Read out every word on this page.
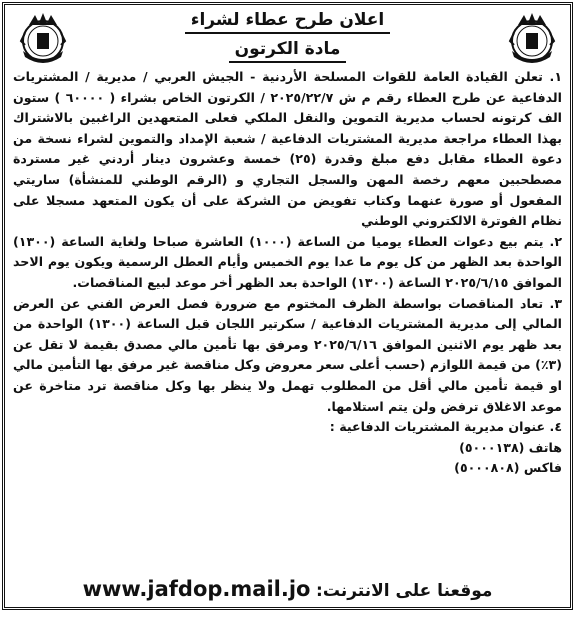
اعلان طرح عطاء لشراء
مادة الكرتون

١. تعلن القيادة العامة للقوات المسلحة الأردنية - الجيش العربي / مديرية / المشتريات الدفاعية عن طرح العطاء رقم م ش ٢٠٢٥/٢٢/٧ / الكرتون الخاص بشراء ( ٦٠٠٠٠ ) ستون الف كرتونه لحساب مديرية التموين والنقل الملكي فعلى المتعهدين الراغبين بالاشتراك بهذا العطاء مراجعة مديرية المشتريات الدفاعية / شعبة الإمداد والتموين لشراء نسخة من دعوة العطاء مقابل دفع مبلغ وقدرة (٢٥) خمسة وعشرون دينار أردني غير مستردة مصطحبين معهم رخصة المهن والسجل التجاري و (الرقم الوطني للمنشأة) ساريتي المفعول أو صورة عنهما وكتاب تفويض من الشركة على أن يكون المتعهد مسجلا على نظام الفوترة الالكتروني الوطني

٢. يتم بيع دعوات العطاء يوميا من الساعة (١٠٠٠) العاشرة صباحا ولغاية الساعة (١٣٠٠) الواحدة بعد الظهر من كل يوم ما عدا يوم الخميس وأيام العطل الرسمية ويكون يوم الاحد الموافق ٢٠٢٥/٦/١٥ الساعة (١٣٠٠) الواحدة بعد الظهر أخر موعد لبيع المناقصات.

٣. تعاد المناقصات بواسطة الظرف المختوم مع ضرورة فصل العرض الفني عن العرض المالي إلى مديرية المشتريات الدفاعية / سكرتير اللجان قبل الساعة (١٣٠٠) الواحدة من بعد ظهر يوم الاثنين الموافق ٢٠٢٥/٦/١٦ ومرفق بها تأمين مالي مصدق بقيمة لا تقل عن (٣٪) من قيمة اللوازم (حسب أعلى سعر معروض وكل مناقصة غير مرفق بها التأمين مالي او قيمة تأمين مالي أقل من المطلوب تهمل ولا ينظر بها وكل مناقصة ترد متاخرة عن موعد الاغلاق ترفض ولن يتم استلامها.

٤. عنوان مديرية المشتريات الدفاعية :
هاتف (٥٠٠٠١٣٨)
فاكس (٥٠٠٠٨٠٨)
موقعنا على الانترنت: www.jafdop.mail.jo
